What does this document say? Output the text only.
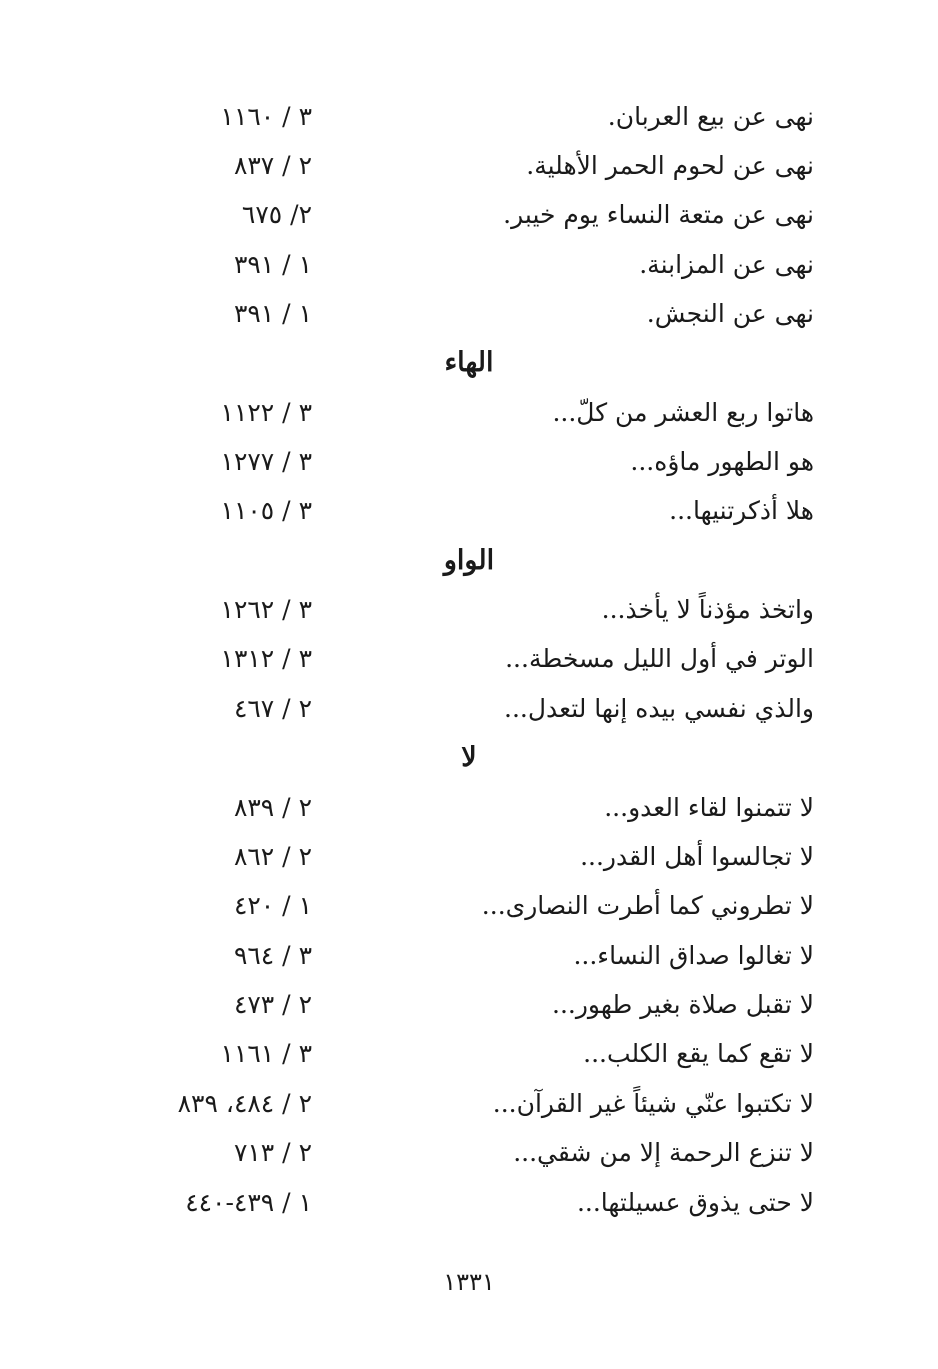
نهى عن بيع العربان.
٣ / ١١٦٠
نهى عن لحوم الحمر الأهلية.
٢ / ٨٣٧
نهى عن متعة النساء يوم خيبر.
٢/ ٦٧٥
نهى عن المزابنة.
١ / ٣٩١
نهى عن النجش.
١ / ٣٩١
الهاء
هاتوا ربع العشر من كلّ...
٣ / ١١٢٢
هو الطهور ماؤه...
٣ / ١٢٧٧
هلا أذكرتنيها...
٣ / ١١٠٥
الواو
واتخذ مؤذناً لا يأخذ...
٣ / ١٢٦٢
الوتر في أول الليل مسخطة...
٣ / ١٣١٢
والذي نفسي بيده إنها لتعدل...
٢ / ٤٦٧
لا
لا تتمنوا لقاء العدو...
٢ / ٨٣٩
لا تجالسوا أهل القدر...
٢ / ٨٦٢
لا تطروني كما أطرت النصارى...
١ / ٤٢٠
لا تغالوا صداق النساء...
٣ / ٩٦٤
لا تقبل صلاة بغير طهور...
٢ / ٤٧٣
لا تقع كما يقع الكلب...
٣ / ١١٦١
لا تكتبوا عنّي شيئاً غير القرآن...
٢ / ٤٨٤، ٨٣٩
لا تنزع الرحمة إلا من شقي...
٢ / ٧١٣
لا حتى يذوق عسيلتها...
١ / ٤٣٩-٤٤٠
١٣٣١
